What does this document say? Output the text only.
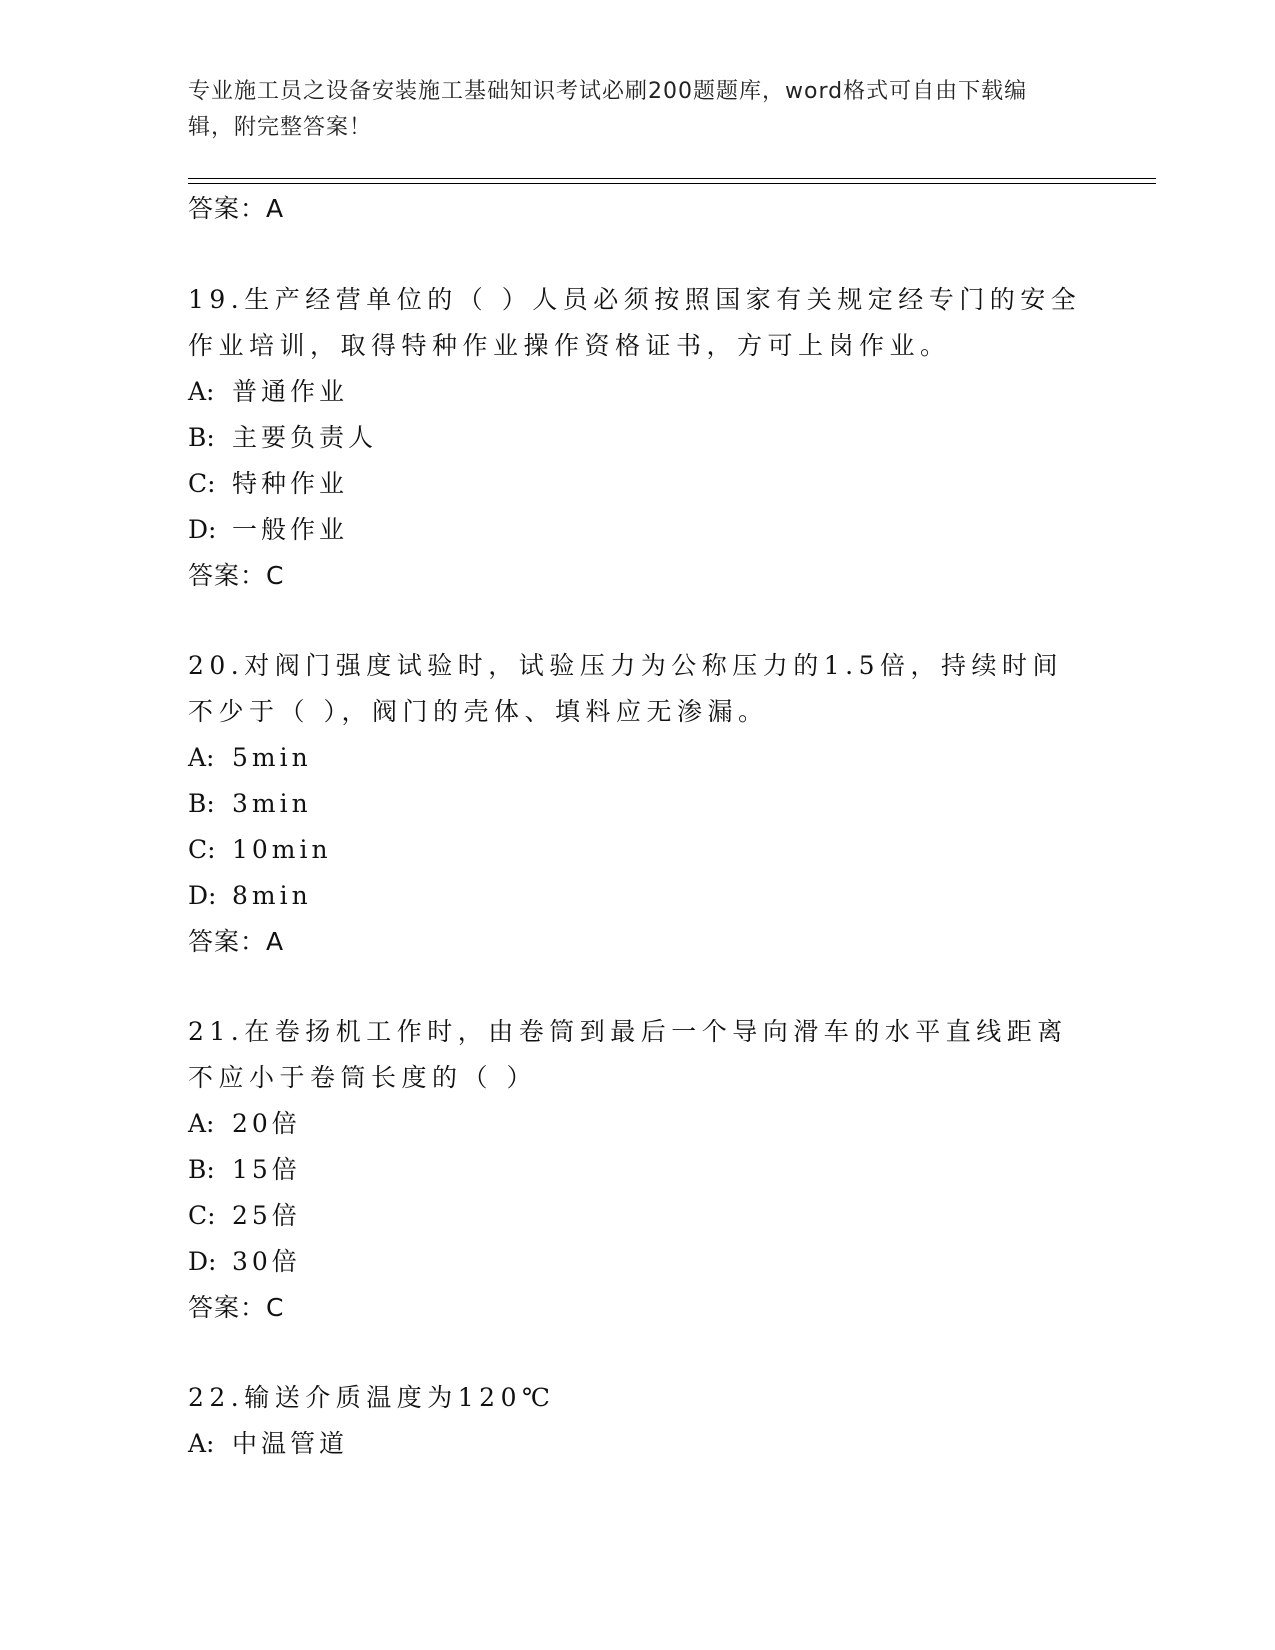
专业施工员之设备安装施工基础知识考试必刷200题题库，word格式可自由下载编辑，附完整答案！
答案：A
19.生产经营单位的（ ）人员必须按照国家有关规定经专门的安全作业培训，取得特种作业操作资格证书，方可上岗作业。
A: 普通作业
B: 主要负责人
C: 特种作业
D: 一般作业
答案：C
20.对阀门强度试验时，试验压力为公称压力的1.5倍，持续时间不少于（ ），阀门的壳体、填料应无渗漏。
A: 5min
B: 3min
C: 10min
D: 8min
答案：A
21.在卷扬机工作时，由卷筒到最后一个导向滑车的水平直线距离不应小于卷筒长度的（ ）
A: 20倍
B: 15倍
C: 25倍
D: 30倍
答案：C
22.输送介质温度为120℃
A: 中温管道
